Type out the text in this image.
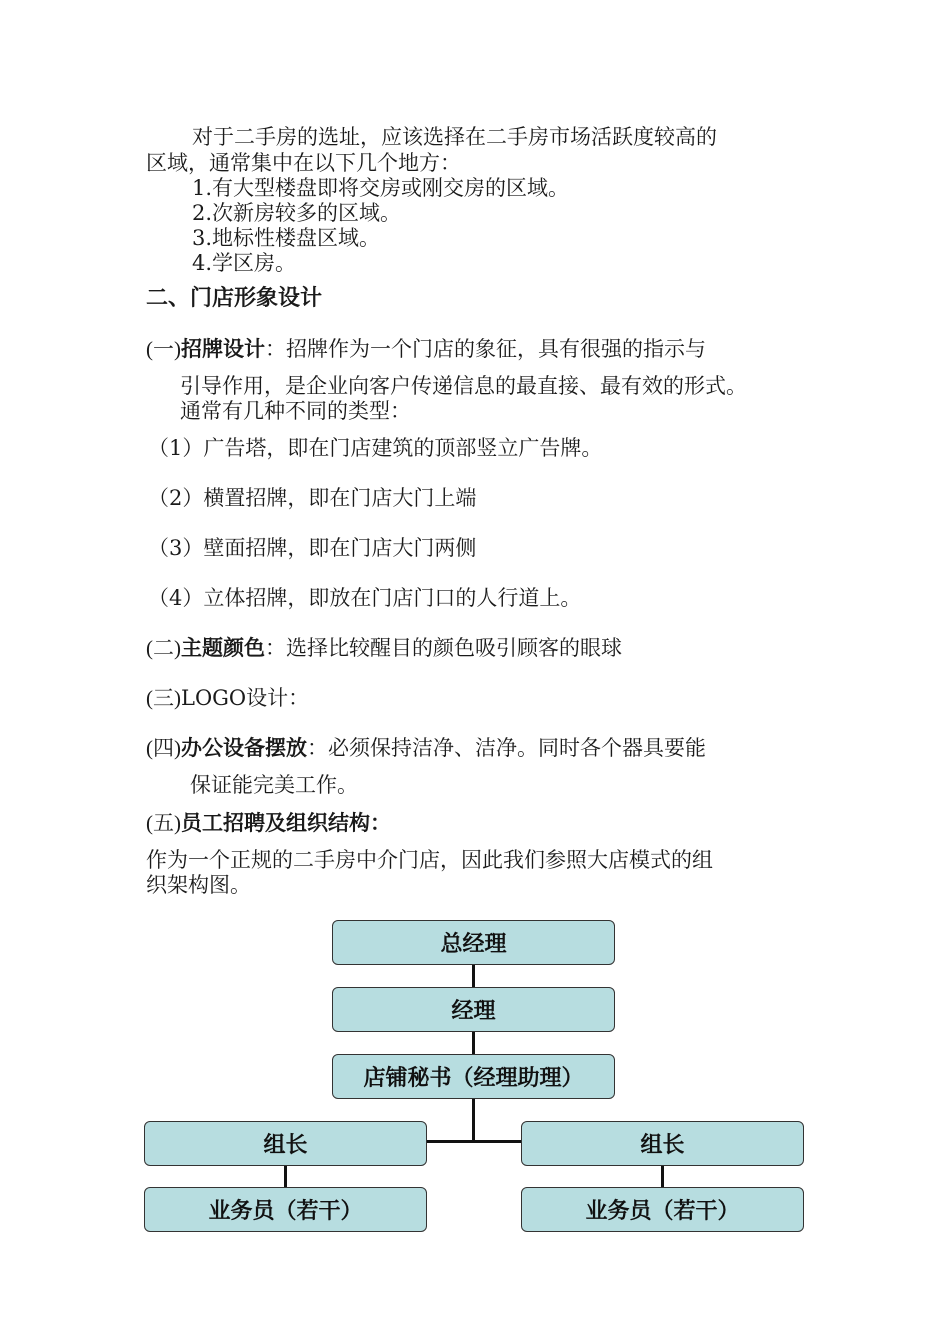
对于二手房的选址，应该选择在二手房市场活跃度较高的
区域，通常集中在以下几个地方：
1.有大型楼盘即将交房或刚交房的区域。
2.次新房较多的区域。
3.地标性楼盘区域。
4.学区房。
二、门店形象设计
(一)招牌设计：招牌作为一个门店的象征，具有很强的指示与
引导作用，是企业向客户传递信息的最直接、最有效的形式。
通常有几种不同的类型：
（1）广告塔，即在门店建筑的顶部竖立广告牌。
（2）横置招牌，即在门店大门上端
（3）壁面招牌，即在门店大门两侧
（4）立体招牌，即放在门店门口的人行道上。
(二)主题颜色：选择比较醒目的颜色吸引顾客的眼球
(三)LOGO设计：
(四)办公设备摆放：必须保持洁净、洁净。同时各个器具要能
保证能完美工作。
(五)员工招聘及组织结构：
作为一个正规的二手房中介门店，因此我们参照大店模式的组
织架构图。
总经理
经理
店铺秘书（经理助理）
组长	组长
业务员（若干）	业务员（若干）
